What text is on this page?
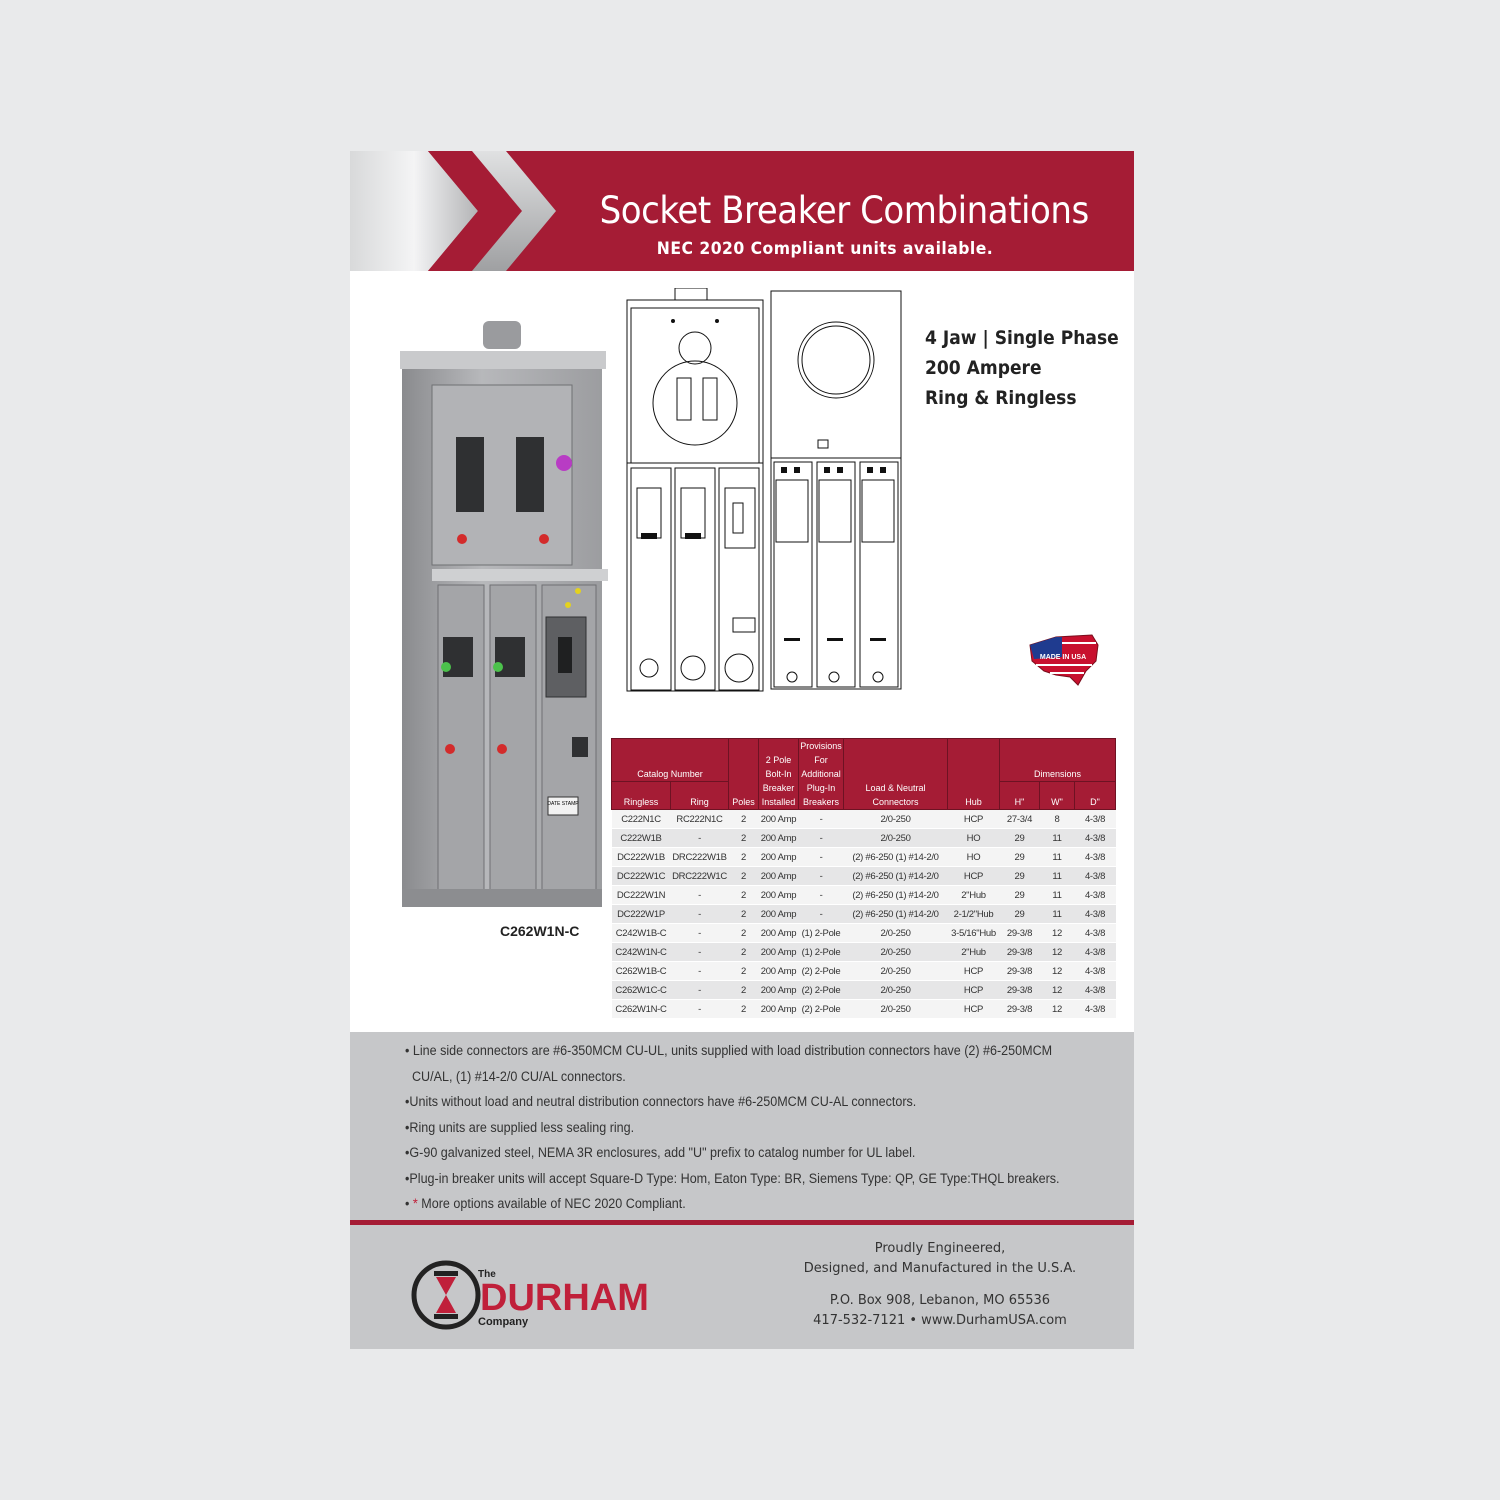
Socket Breaker Combinations
NEC 2020 Compliant units available.
DATE STAMP
C262W1N-C
4 Jaw | Single Phase
200 Ampere
Ring & Ringless
MADE IN USA
Catalog Number		Poles	2 Pole Bolt-In Breaker Installed	Provisions For Additional Plug-In Breakers	Load & Neutral Connectors	Hub	Dimensions		
Ringless	Ring						H"	W"	D"
C222N1C	RC222N1C	2	200 Amp	-	2/0-250	HCP	27-3/4	8	4-3/8
C222W1B	-	2	200 Amp	-	2/0-250	HO	29	11	4-3/8
DC222W1B	DRC222W1B	2	200 Amp	-	(2) #6-250 (1) #14-2/0	HO	29	11	4-3/8
DC222W1C	DRC222W1C	2	200 Amp	-	(2) #6-250 (1) #14-2/0	HCP	29	11	4-3/8
DC222W1N	-	2	200 Amp	-	(2) #6-250 (1) #14-2/0	2"Hub	29	11	4-3/8
DC222W1P	-	2	200 Amp	-	(2) #6-250 (1) #14-2/0	2-1/2"Hub	29	11	4-3/8
C242W1B-C	-	2	200 Amp	(1) 2-Pole	2/0-250	3-5/16"Hub	29-3/8	12	4-3/8
C242W1N-C	-	2	200 Amp	(1) 2-Pole	2/0-250	2"Hub	29-3/8	12	4-3/8
C262W1B-C	-	2	200 Amp	(2) 2-Pole	2/0-250	HCP	29-3/8	12	4-3/8
C262W1C-C	-	2	200 Amp	(2) 2-Pole	2/0-250	HCP	29-3/8	12	4-3/8
C262W1N-C	-	2	200 Amp	(2) 2-Pole	2/0-250	HCP	29-3/8	12	4-3/8
• Line side connectors are #6-350MCM CU-UL, units supplied with load distribution connectors have (2) #6-250MCM
CU/AL, (1) #14-2/0 CU/AL connectors.
•Units without load and neutral distribution connectors have #6-250MCM CU-AL connectors.
•Ring units are supplied less sealing ring.
•G-90 galvanized steel, NEMA 3R enclosures, add "U" prefix to catalog number for UL label.
•Plug-in breaker units will accept Square-D Type: Hom, Eaton Type: BR, Siemens Type: QP, GE Type:THQL breakers.
• * More options available of NEC 2020 Compliant.
The
DURHAM
Company
Proudly Engineered,
Designed, and Manufactured in the U.S.A.
P.O. Box 908, Lebanon, MO 65536
417-532-7121 • www.DurhamUSA.com
